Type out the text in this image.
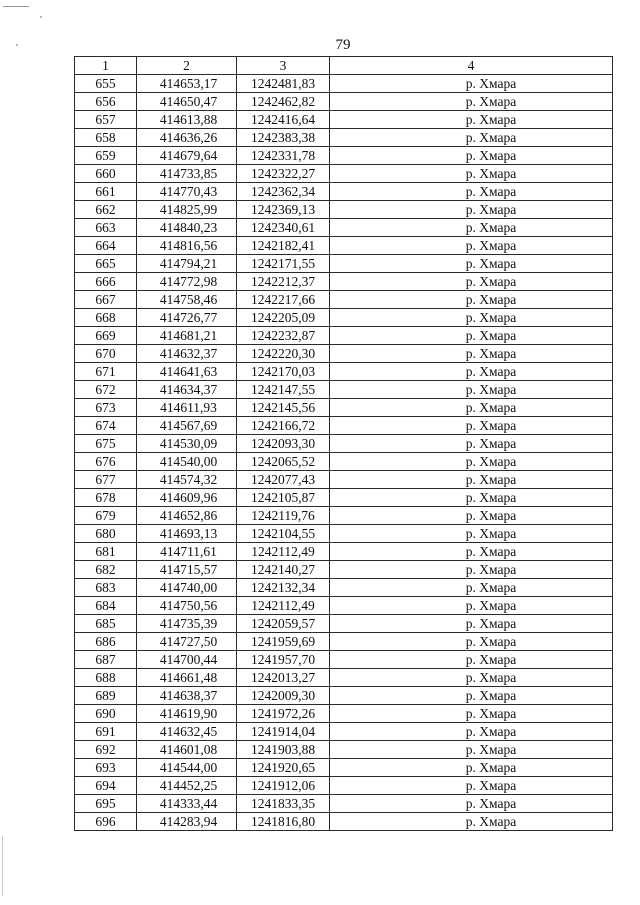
79
1	2	3	4
655	414653,17	1242481,83	р. Хмара
656	414650,47	1242462,82	р. Хмара
657	414613,88	1242416,64	р. Хмара
658	414636,26	1242383,38	р. Хмара
659	414679,64	1242331,78	р. Хмара
660	414733,85	1242322,27	р. Хмара
661	414770,43	1242362,34	р. Хмара
662	414825,99	1242369,13	р. Хмара
663	414840,23	1242340,61	р. Хмара
664	414816,56	1242182,41	р. Хмара
665	414794,21	1242171,55	р. Хмара
666	414772,98	1242212,37	р. Хмара
667	414758,46	1242217,66	р. Хмара
668	414726,77	1242205,09	р. Хмара
669	414681,21	1242232,87	р. Хмара
670	414632,37	1242220,30	р. Хмара
671	414641,63	1242170,03	р. Хмара
672	414634,37	1242147,55	р. Хмара
673	414611,93	1242145,56	р. Хмара
674	414567,69	1242166,72	р. Хмара
675	414530,09	1242093,30	р. Хмара
676	414540,00	1242065,52	р. Хмара
677	414574,32	1242077,43	р. Хмара
678	414609,96	1242105,87	р. Хмара
679	414652,86	1242119,76	р. Хмара
680	414693,13	1242104,55	р. Хмара
681	414711,61	1242112,49	р. Хмара
682	414715,57	1242140,27	р. Хмара
683	414740,00	1242132,34	р. Хмара
684	414750,56	1242112,49	р. Хмара
685	414735,39	1242059,57	р. Хмара
686	414727,50	1241959,69	р. Хмара
687	414700,44	1241957,70	р. Хмара
688	414661,48	1242013,27	р. Хмара
689	414638,37	1242009,30	р. Хмара
690	414619,90	1241972,26	р. Хмара
691	414632,45	1241914,04	р. Хмара
692	414601,08	1241903,88	р. Хмара
693	414544,00	1241920,65	р. Хмара
694	414452,25	1241912,06	р. Хмара
695	414333,44	1241833,35	р. Хмара
696	414283,94	1241816,80	р. Хмара
